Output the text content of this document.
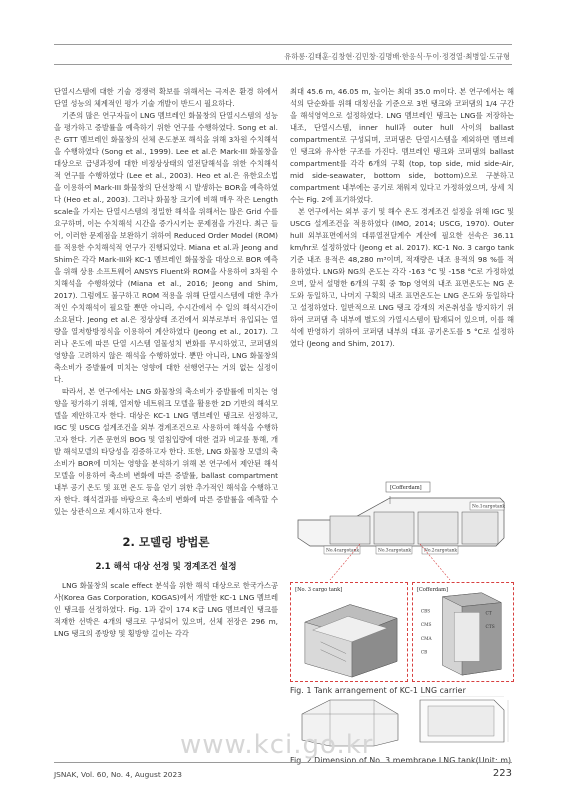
유하롱·김태훈·김창현·김민창·김명배·한응식·두이·정경열·최병일·도규형

단열시스템에 대한 기술 경쟁력 확보를 위해서는 극저온 환경 하에서 단열 성능의 체계적인 평가 기술 개발이 반드시 필요하다.

기존의 많은 연구자들이 LNG 멤브레인 화물창의 단열시스템의 성능을 평가하고 증발률을 예측하기 위한 연구를 수행하였다. Song et al.은 GTT 멤브레인 화물창의 선체 온도분포 해석을 위해 3차원 수치해석을 수행하였다 (Song et al., 1999). Lee et al.은 Mark-III 화물창을 대상으로 급냉과정에 대한 비정상상태의 열전달해석을 위한 수치해석적 연구를 수행하였다 (Lee et al., 2003). Heo et al.은 유한요소법을 이용하여 Mark-III 화물창의 단선창해 시 발생하는 BOR을 예측하였다 (Heo et al., 2003). 그러나 화물창 크기에 비해 매우 작은 Length scale을 가지는 단열시스템의 정밀한 해석을 위해서는 많은 Grid 수를 요구하며, 이는 수치해석 시간을 증가시키는 문제점을 가진다. 최근 들어, 이러한 문제점을 보완하기 위하여 Reduced Order Model (ROM)를 적용한 수치해석적 연구가 진행되었다. Miana et al.과 Jeong and Shim은 각각 Mark-III와 KC-1 멤브레인 화물창을 대상으로 BOR 예측을 위해 상용 소프트웨어 ANSYS Fluent와 ROM을 사용하여 3차원 수치해석을 수행하였다 (Miana et al., 2016; Jeong and Shim, 2017). 그럼에도 불구하고 ROM 적용을 위해 단열시스템에 대한 추가적인 수치해석이 필요할 뿐만 아니라, 수시간에서 수 일의 해석시간이 소요된다. Jeong et al.은 정상상태 조건에서 외부로부터 유입되는 열량을 열저항방정식을 이용하여 계산하였다 (Jeong et al., 2017). 그러나 온도에 따른 단열 시스템 열물성치 변화를 무시하였고, 코퍼댐의 영향을 고려하지 않은 해석을 수행하였다. 뿐만 아니라, LNG 화물창의 축소비가 증발률에 미치는 영향에 대한 선행연구는 거의 없는 실정이다.

따라서, 본 연구에서는 LNG 화물창의 축소비가 증발률에 미치는 영향을 평가하기 위해, 열저항 네트워크 모델을 활용한 2D 기반의 해석모델을 제안하고자 한다. 대상은 KC-1 LNG 멤브레인 탱크로 선정하고, IGC 및 USCG 설계조건을 외부 경계조건으로 사용하여 해석을 수행하고자 한다. 기존 문헌의 BOG 및 열침입량에 대한 결과 비교를 통해, 개발 해석모델의 타당성을 검증하고자 한다. 또한, LNG 화물창 모델의 축소비가 BOR에 미치는 영향을 분석하기 위해 본 연구에서 제안된 해석모델을 이용하여 축소비 변화에 따른 증발률, ballast compartment 내부 공기 온도 및 표면 온도 등을 얻기 위한 추가적인 해석을 수행하고자 한다. 해석결과를 바탕으로 축소비 변화에 따른 증발률을 예측할 수 있는 상관식으로 제시하고자 한다.

2. 모델링 방법론
2.1 해석 대상 선정 및 경계조건 설정

LNG 화물창의 scale effect 분석을 위한 해석 대상으로 한국가스공사(Korea Gas Corporation, KOGAS)에서 개발한 KC-1 LNG 멤브레인 탱크를 선정하였다. Fig. 1과 같이 174 K급 LNG 멤브레인 탱크를 적재한 선박은 4개의 탱크로 구성되어 있으며, 선체 전장은 296 m, LNG 탱크의 종방향 및 횡방향 길이는 각각

최대 45.6 m, 46.05 m, 높이는 최대 35.0 m이다. 본 연구에서는 해석의 단순화를 위해 대칭선을 기준으로 3번 탱크와 코퍼댐의 1/4 구간을 해석영역으로 설정하였다. LNG 멤브레인 탱크는 LNG를 저장하는 내조, 단열시스템, inner hull과 outer hull 사이의 ballast compartment로 구성되며, 코퍼댐은 단열시스템을 제외하면 멤브레인 탱크와 유사한 구조를 가진다. 멤브레인 탱크와 코퍼댐의 ballast compartment를 각각 6개의 구획 (top, top side, mid side-Air, mid side-seawater, bottom side, bottom)으로 구분하고 compartment 내부에는 공기로 채워져 있다고 가정하였으며, 상세 치수는 Fig. 2에 표기하였다.

본 연구에서는 외부 공기 및 해수 온도 경계조건 설정을 위해 IGC 및 USCG 설계조건을 적용하였다 (IMO, 2014; USCG, 1970). Outer hull 외부표면에서의 대류열전달계수 계산에 필요한 선속은 36.11 km/hr로 설정하였다 (Jeong et al. 2017). KC-1 No. 3 cargo tank 기준 내조 용적은 48,280 m³이며, 적재량은 내조 용적의 98 %를 적용하였다. LNG와 NG의 온도는 각각 -163 °C 및 -158 °C로 가정하였으며, 앞서 설명한 6개의 구획 중 Top 영역의 내조 표면온도는 NG 온도와 동일하고, 나머지 구획의 내조 표면온도는 LNG 온도와 동일하다고 설정하였다. 일반적으로 LNG 탱크 강재의 저온취성을 방지하기 위하여 코퍼댐 측 내부에 별도의 가열시스템이 탑재되어 있으며, 이를 해석에 반영하기 위하여 코퍼댐 내부의 대표 공기온도를 5 °C로 설정하였다 (Jeong and Shim, 2017).

[Cofferdam]
No.1cargotank
No.4cargotank	No.3cargotank	No.2cargotank
[No. 3 cargo tank]	[Cofferdam]
CBS
CMS
CMA
CB
CT
CTS
Fig. 1 Tank arrangement of KC-1 LNG carrier
Fig. 2 Dimension of No. 3 membrane LNG tank(Unit: m)
www.kci.go.kr
JSNAK, Vol. 60, No. 4, August 2023	223
